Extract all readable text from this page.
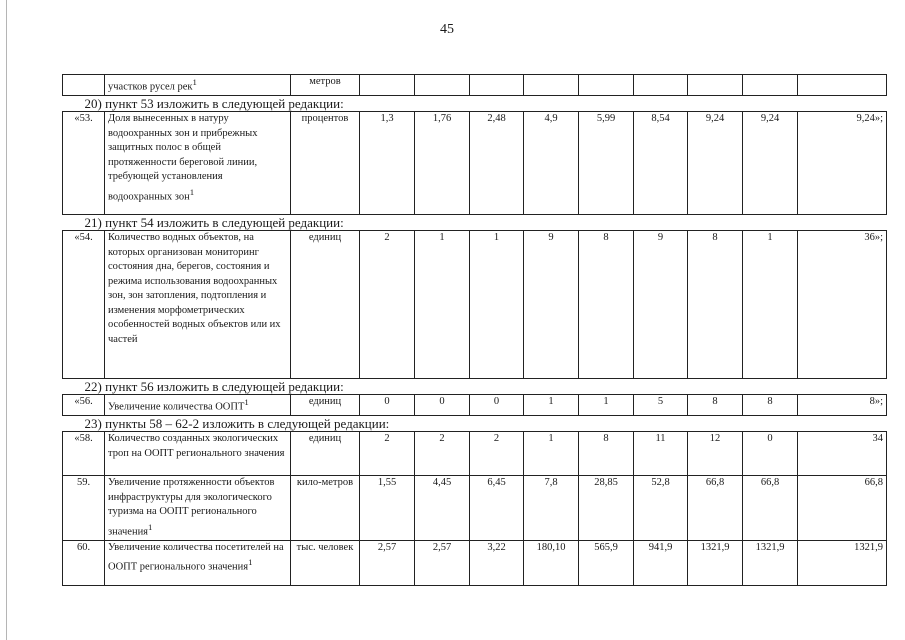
45
	участков русел рек$^1$	метров									
20) пункт 53 изложить в следующей редакции:											
«53.	Доля вынесенных в натуру водоохранных зон и прибрежных защитных полос в общей протяженности береговой линии, требующей установления водоохранных зон$^1$	процентов	1,3	1,76	2,48	4,9	5,99	8,54	9,24	9,24	9,24»;
21) пункт 54 изложить в следующей редакции:											
«54.	Количество водных объектов, на которых организован мониторинг состояния дна, берегов, состояния и режима использования водоохранных зон, зон затопления, подтопления и изменения морфометрических особенностей водных объектов или их частей	единиц	2	1	1	9	8	9	8	1	36»;
22) пункт 56 изложить в следующей редакции:											
«56.	Увеличение количества ООПТ$^1$	единиц	0	0	0	1	1	5	8	8	8»;
23) пункты 58 – 62-2 изложить в следующей редакции:											
«58.	Количество созданных экологических троп на ООПТ регионального значения	единиц	2	2	2	1	8	11	12	0	34
59.	Увеличение протяженности объектов инфраструктуры для экологического туризма на ООПТ регионального значения$^1$	кило-метров	1,55	4,45	6,45	7,8	28,85	52,8	66,8	66,8	66,8
60.	Увеличение количества посетителей на ООПТ регионального значения$^1$	тыс. человек	2,57	2,57	3,22	180,10	565,9	941,9	1321,9	1321,9	1321,9
